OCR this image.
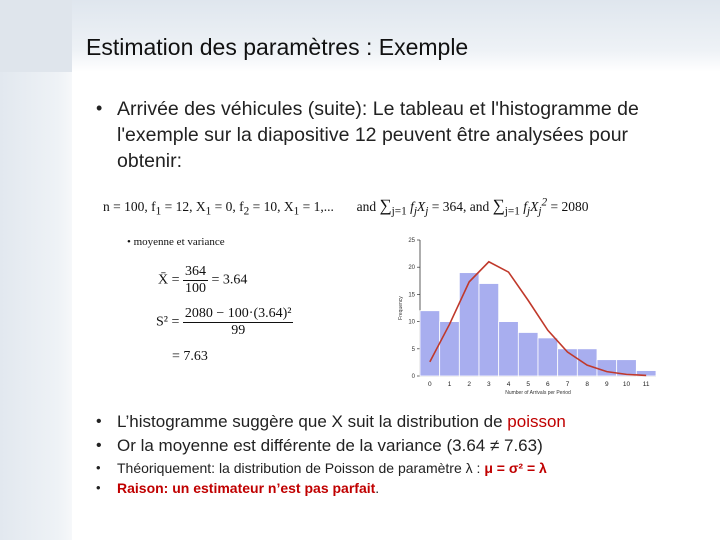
Estimation des paramètres : Exemple
• Arrivée des véhicules (suite): Le tableau et l'histogramme de l'exemple sur la diapositive 12 peuvent être analysées pour obtenir:
n = 100, $f_1 = 12$, $X_1 = 0$, $f_2 = 10$, $X_1 = 1$,...  and $\sum_{j=1}$ $f_jX_j = 364$, and $\sum_{j=1}$ $f_jX_j^2 = 2080$
• moyenne et variance
X̄ = $\frac{364}{100} = 3.64$
$S^2 = \frac{\text{2080 − 100·(3.64)²}}{99}$
= 7.63
0
5
10
15
20
25
0 1 2 3 4 5 6 7 8 9 10 11
Number of Arrivals per Period
Frequency
• L’histogramme suggère que X suit la distribution de poisson
• Or la moyenne est différente de la variance (3.64 ≠ 7.63)
• Théoriquement: la distribution de Poisson de paramètre λ : μ = σ² = λ
• Raison: un estimateur n’est pas parfait.
